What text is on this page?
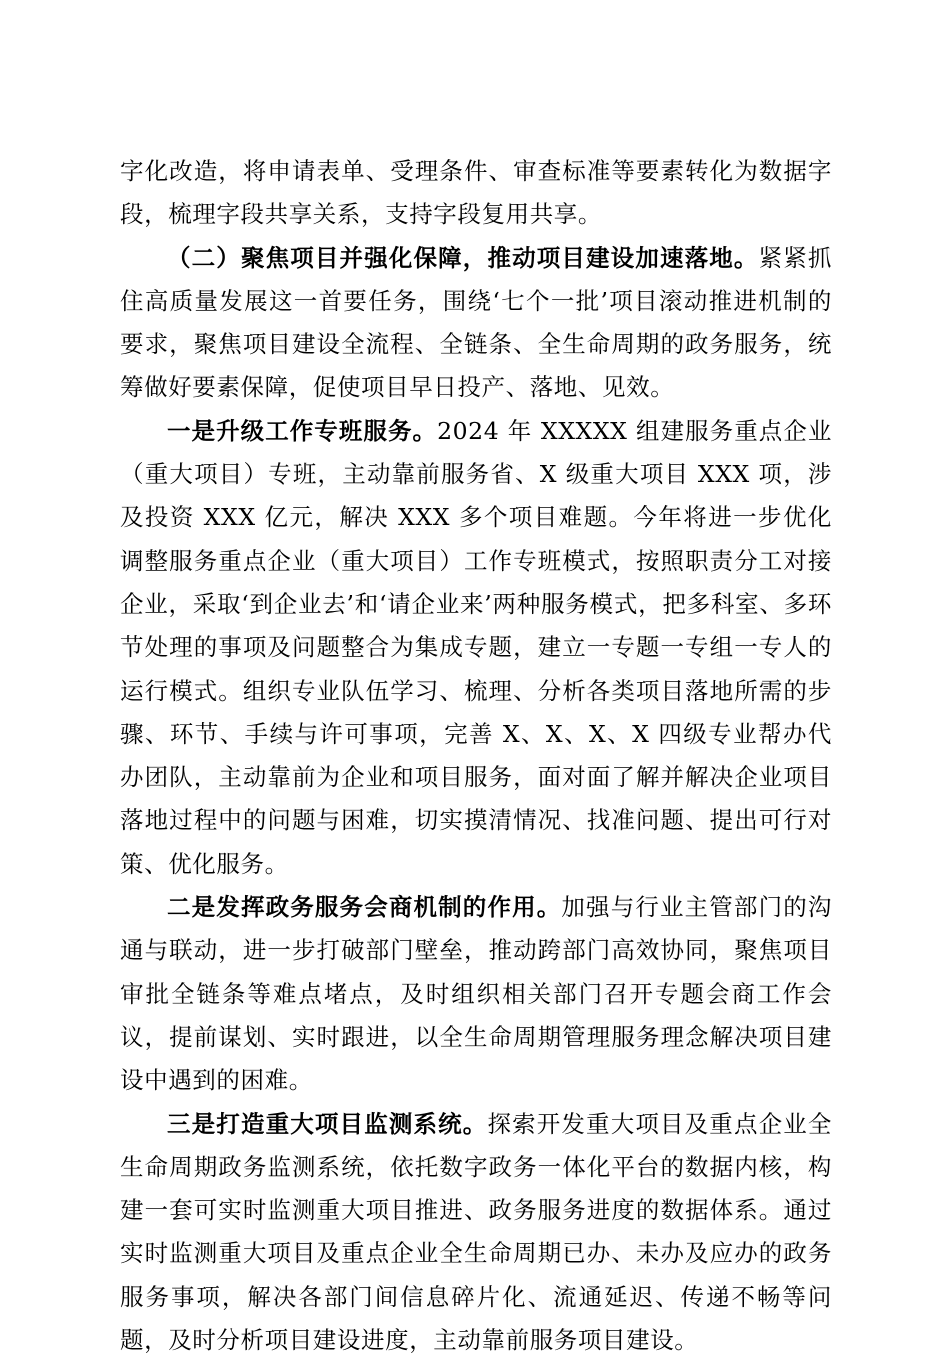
字化改造，将申请表单、受理条件、审查标准等要素转化为数据字段，梳理字段共享关系，支持字段复用共享。

（二）聚焦项目并强化保障，推动项目建设加速落地。紧紧抓住高质量发展这一首要任务，围绕‘七个一批’项目滚动推进机制的要求，聚焦项目建设全流程、全链条、全生命周期的政务服务，统筹做好要素保障，促使项目早日投产、落地、见效。

一是升级工作专班服务。2024 年 XXXXX 组建服务重点企业（重大项目）专班，主动靠前服务省、X 级重大项目 XXX 项，涉及投资 XXX 亿元，解决 XXX 多个项目难题。今年将进一步优化调整服务重点企业（重大项目）工作专班模式，按照职责分工对接企业，采取‘到企业去’和‘请企业来’两种服务模式，把多科室、多环节处理的事项及问题整合为集成专题，建立一专题一专组一专人的运行模式。组织专业队伍学习、梳理、分析各类项目落地所需的步骤、环节、手续与许可事项，完善 X、X、X、X 四级专业帮办代办团队，主动靠前为企业和项目服务，面对面了解并解决企业项目落地过程中的问题与困难，切实摸清情况、找准问题、提出可行对策、优化服务。

二是发挥政务服务会商机制的作用。加强与行业主管部门的沟通与联动，进一步打破部门壁垒，推动跨部门高效协同，聚焦项目审批全链条等难点堵点，及时组织相关部门召开专题会商工作会议，提前谋划、实时跟进，以全生命周期管理服务理念解决项目建设中遇到的困难。

三是打造重大项目监测系统。探索开发重大项目及重点企业全生命周期政务监测系统，依托数字政务一体化平台的数据内核，构建一套可实时监测重大项目推进、政务服务进度的数据体系。通过实时监测重大项目及重点企业全生命周期已办、未办及应办的政务服务事项，解决各部门间信息碎片化、流通延迟、传递不畅等问题，及时分析项目建设进度，主动靠前服务项目建设。
